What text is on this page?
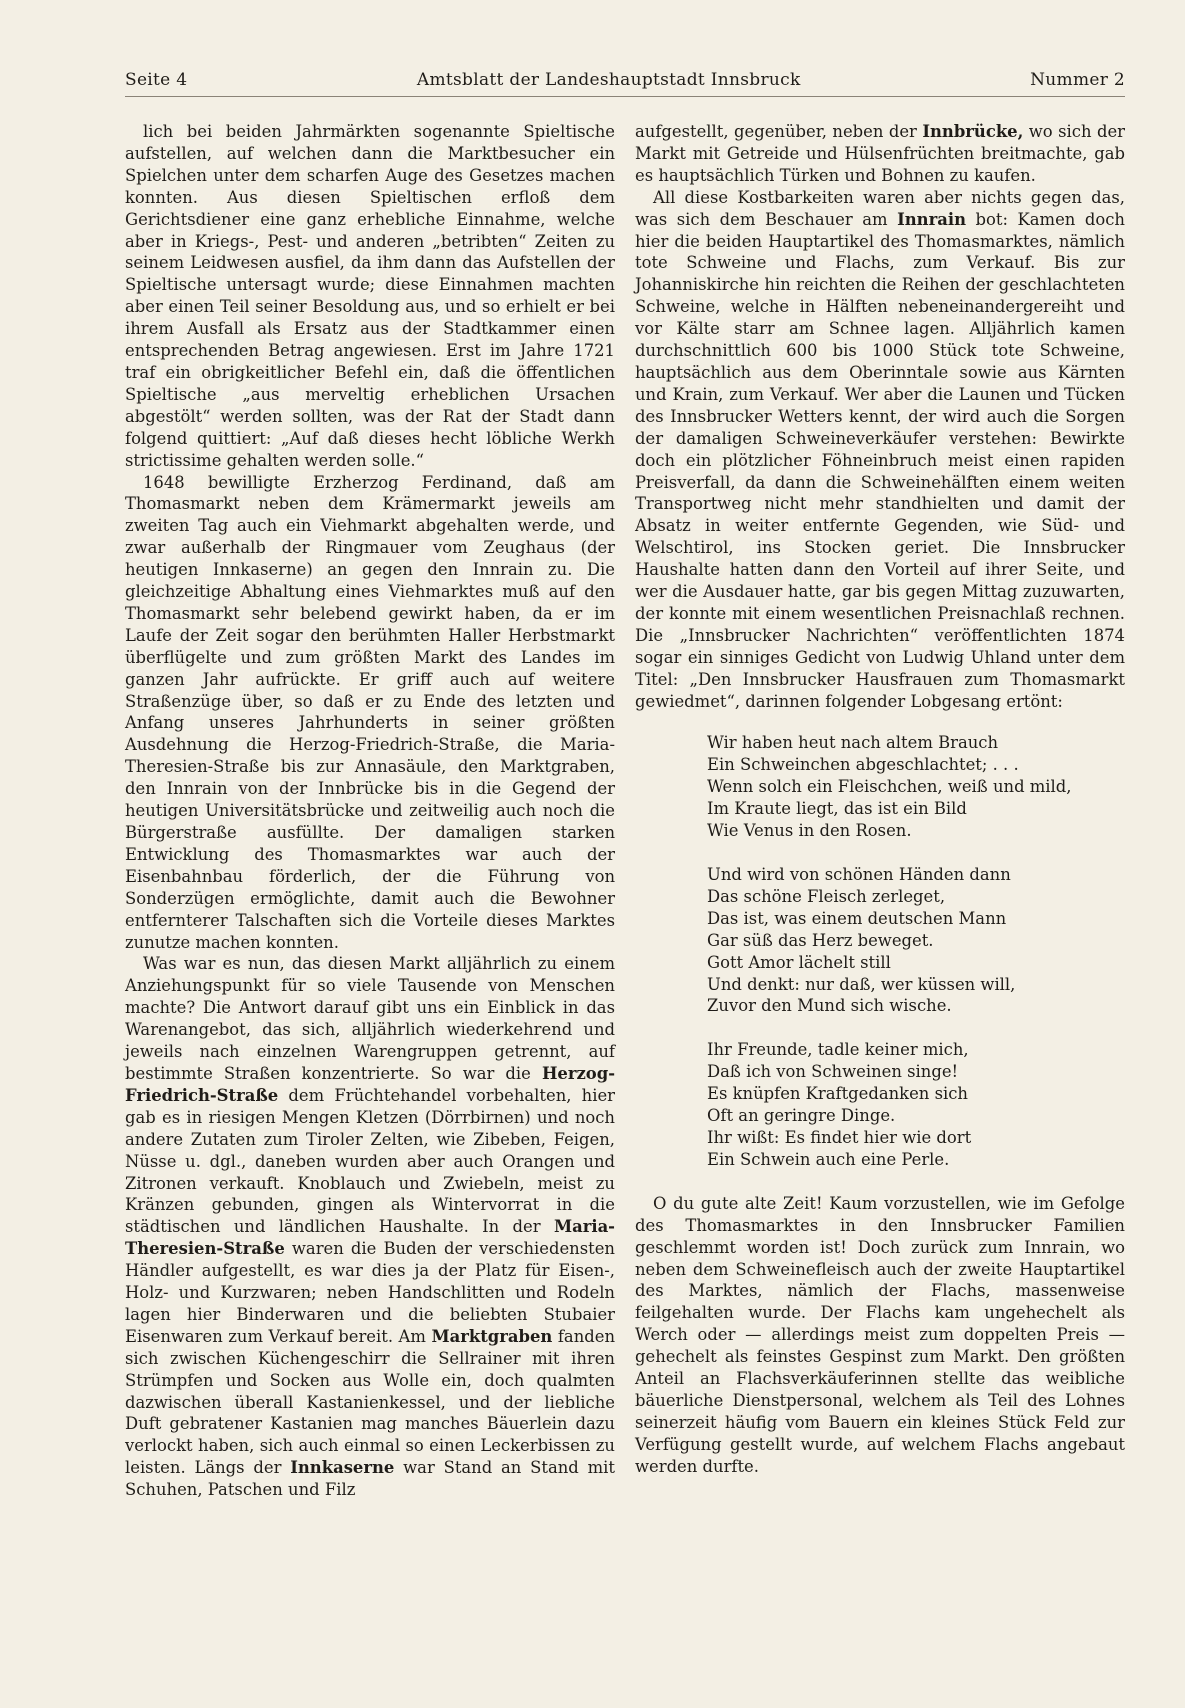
Seite 4	Amtsblatt der Landeshauptstadt Innsbruck	Nummer 2

lich bei beiden Jahrmärkten sogenannte Spieltische aufstellen, auf welchen dann die Marktbesucher ein Spielchen unter dem scharfen Auge des Gesetzes machen konnten. Aus diesen Spieltischen erfloß dem Gerichtsdiener eine ganz erhebliche Einnahme, welche aber in Kriegs-, Pest- und anderen „betribten“ Zeiten zu seinem Leidwesen ausfiel, da ihm dann das Aufstellen der Spieltische untersagt wurde; diese Einnahmen machten aber einen Teil seiner Besoldung aus, und so erhielt er bei ihrem Ausfall als Ersatz aus der Stadtkammer einen entsprechenden Betrag angewiesen. Erst im Jahre 1721 traf ein obrigkeitlicher Befehl ein, daß die öffentlichen Spieltische „aus merveltig erheblichen Ursachen abgestölt“ werden sollten, was der Rat der Stadt dann folgend quittiert: „Auf daß dieses hecht löbliche Werkh strictissime gehalten werden solle.“

1648 bewilligte Erzherzog Ferdinand, daß am Thomasmarkt neben dem Krämermarkt jeweils am zweiten Tag auch ein Viehmarkt abgehalten werde, und zwar außerhalb der Ringmauer vom Zeughaus (der heutigen Innkaserne) an gegen den Innrain zu. Die gleichzeitige Abhaltung eines Viehmarktes muß auf den Thomasmarkt sehr belebend gewirkt haben, da er im Laufe der Zeit sogar den berühmten Haller Herbstmarkt überflügelte und zum größten Markt des Landes im ganzen Jahr aufrückte. Er griff auch auf weitere Straßenzüge über, so daß er zu Ende des letzten und Anfang unseres Jahrhunderts in seiner größten Ausdehnung die Herzog-Friedrich-Straße, die Maria-Theresien-Straße bis zur Annasäule, den Marktgraben, den Innrain von der Innbrücke bis in die Gegend der heutigen Universitätsbrücke und zeitweilig auch noch die Bürgerstraße ausfüllte. Der damaligen starken Entwicklung des Thomasmarktes war auch der Eisenbahnbau förderlich, der die Führung von Sonderzügen ermöglichte, damit auch die Bewohner entfernterer Talschaften sich die Vorteile dieses Marktes zunutze machen konnten.

Was war es nun, das diesen Markt alljährlich zu einem Anziehungspunkt für so viele Tausende von Menschen machte? Die Antwort darauf gibt uns ein Einblick in das Warenangebot, das sich, alljährlich wiederkehrend und jeweils nach einzelnen Warengruppen getrennt, auf bestimmte Straßen konzentrierte. So war die Herzog-Friedrich-Straße dem Früchtehandel vorbehalten, hier gab es in riesigen Mengen Kletzen (Dörrbirnen) und noch andere Zutaten zum Tiroler Zelten, wie Zibeben, Feigen, Nüsse u. dgl., daneben wurden aber auch Orangen und Zitronen verkauft. Knoblauch und Zwiebeln, meist zu Kränzen gebunden, gingen als Wintervorrat in die städtischen und ländlichen Haushalte. In der Maria-Theresien-Straße waren die Buden der verschiedensten Händler aufgestellt, es war dies ja der Platz für Eisen-, Holz- und Kurzwaren; neben Handschlitten und Rodeln lagen hier Binderwaren und die beliebten Stubaier Eisenwaren zum Verkauf bereit. Am Marktgraben fanden sich zwischen Küchengeschirr die Sellrainer mit ihren Strümpfen und Socken aus Wolle ein, doch qualmten dazwischen überall Kastanienkessel, und der liebliche Duft gebratener Kastanien mag manches Bäuerlein dazu verlockt haben, sich auch einmal so einen Leckerbissen zu leisten. Längs der Innkaserne war Stand an Stand mit Schuhen, Patschen und Filz

aufgestellt, gegenüber, neben der Innbrücke, wo sich der Markt mit Getreide und Hülsenfrüchten breitmachte, gab es hauptsächlich Türken und Bohnen zu kaufen.

All diese Kostbarkeiten waren aber nichts gegen das, was sich dem Beschauer am Innrain bot: Kamen doch hier die beiden Hauptartikel des Thomasmarktes, nämlich tote Schweine und Flachs, zum Verkauf. Bis zur Johanniskirche hin reichten die Reihen der geschlachteten Schweine, welche in Hälften nebeneinandergereiht und vor Kälte starr am Schnee lagen. Alljährlich kamen durchschnittlich 600 bis 1000 Stück tote Schweine, hauptsächlich aus dem Oberinntale sowie aus Kärnten und Krain, zum Verkauf. Wer aber die Launen und Tücken des Innsbrucker Wetters kennt, der wird auch die Sorgen der damaligen Schweineverkäufer verstehen: Bewirkte doch ein plötzlicher Föhneinbruch meist einen rapiden Preisverfall, da dann die Schweinehälften einem weiten Transportweg nicht mehr standhielten und damit der Absatz in weiter entfernte Gegenden, wie Süd- und Welschtirol, ins Stocken geriet. Die Innsbrucker Haushalte hatten dann den Vorteil auf ihrer Seite, und wer die Ausdauer hatte, gar bis gegen Mittag zuzuwarten, der konnte mit einem wesentlichen Preisnachlaß rechnen. Die „Innsbrucker Nachrichten“ veröffentlichten 1874 sogar ein sinniges Gedicht von Ludwig Uhland unter dem Titel: „Den Innsbrucker Hausfrauen zum Thomasmarkt gewiedmet“, darinnen folgender Lobgesang ertönt:

Wir haben heut nach altem Brauch
Ein Schweinchen abgeschlachtet; . . .
Wenn solch ein Fleischchen, weiß und mild,
Im Kraute liegt, das ist ein Bild
Wie Venus in den Rosen.
Und wird von schönen Händen dann
Das schöne Fleisch zerleget,
Das ist, was einem deutschen Mann
Gar süß das Herz beweget.
Gott Amor lächelt still
Und denkt: nur daß, wer küssen will,
Zuvor den Mund sich wische.
Ihr Freunde, tadle keiner mich,
Daß ich von Schweinen singe!
Es knüpfen Kraftgedanken sich
Oft an geringre Dinge.
Ihr wißt: Es findet hier wie dort
Ein Schwein auch eine Perle.

O du gute alte Zeit! Kaum vorzustellen, wie im Gefolge des Thomasmarktes in den Innsbrucker Familien geschlemmt worden ist! Doch zurück zum Innrain, wo neben dem Schweinefleisch auch der zweite Hauptartikel des Marktes, nämlich der Flachs, massenweise feilgehalten wurde. Der Flachs kam ungehechelt als Werch oder — allerdings meist zum doppelten Preis — gehechelt als feinstes Gespinst zum Markt. Den größten Anteil an Flachsverkäuferinnen stellte das weibliche bäuerliche Dienstpersonal, welchem als Teil des Lohnes seinerzeit häufig vom Bauern ein kleines Stück Feld zur Verfügung gestellt wurde, auf welchem Flachs angebaut werden durfte.
